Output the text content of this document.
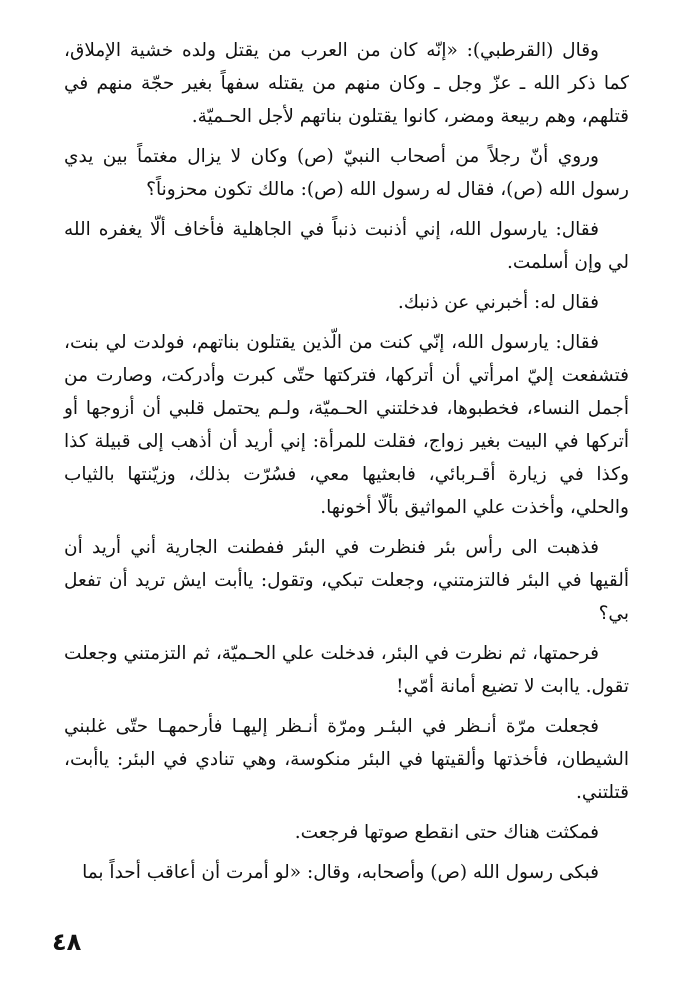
وقال (القرطبي): «إنّه كان من العرب من يقتل ولده خشية الإملاق، كما ذكر الله ـ عزّ وجل ـ وكان منهم من يقتله سفهاً بغير حجّة منهم في قتلهم، وهم ربيعة ومضر، كانوا يقتلون بناتهم لأجل الحـميّة.

وروي أنّ رجلاً من أصحاب النبيّ (ص) وكان لا يزال مغتماً بين يدي رسول الله (ص)، فقال له رسول الله (ص): مالك تكون محزوناً؟

فقال: يارسول الله، إني أذنبت ذنباً في الجاهلية فأخاف ألّا يغفره الله لي وإن أسلمت.

فقال له: أخبرني عن ذنبك.

فقال: يارسول الله، إنّي كنت من الّذين يقتلون بناتهم، فولدت لي بنت، فتشفعت إليّ امرأتي أن أتركها، فتركتها حتّى كبرت وأدركت، وصارت من أجمل النساء، فخطبوها، فدخلتني الحـميّة، ولـم يحتمل قلبي أن أزوجها أو أتركها في البيت بغير زواج، فقلت للمرأة: إني أريد أن أذهب إلى قبيلة كذا وكذا في زيارة أقـربائي، فابعثيها معي، فسُرّت بذلك، وزيّنتها بالثياب والحلي، وأخذت علي المواثيق بألّا أخونها.

فذهبت الى رأس بئر فنظرت في البئر ففطنت الجارية أني أريد أن ألقيها في البئر فالتزمتني، وجعلت تبكي، وتقول: ياأبت ايش تريد أن تفعل بي؟

فرحمتها، ثم نظرت في البئر، فدخلت علي الحـميّة، ثم التزمتني وجعلت تقول. ياابت لا تضيع أمانة أمّي!

فجعلت مرّة أنـظر في البئـر ومرّة أنـظر إليهـا فأرحمهـا حتّى غلبني الشيطان، فأخذتها وألقيتها في البئر منكوسة، وهي تنادي في البئر: ياأبت، قتلتني.

فمكثت هناك حتى انقطع صوتها فرجعت.

فبكى رسول الله (ص) وأصحابه، وقال: «لو أمرت أن أعاقب أحداً بما

٤٨
